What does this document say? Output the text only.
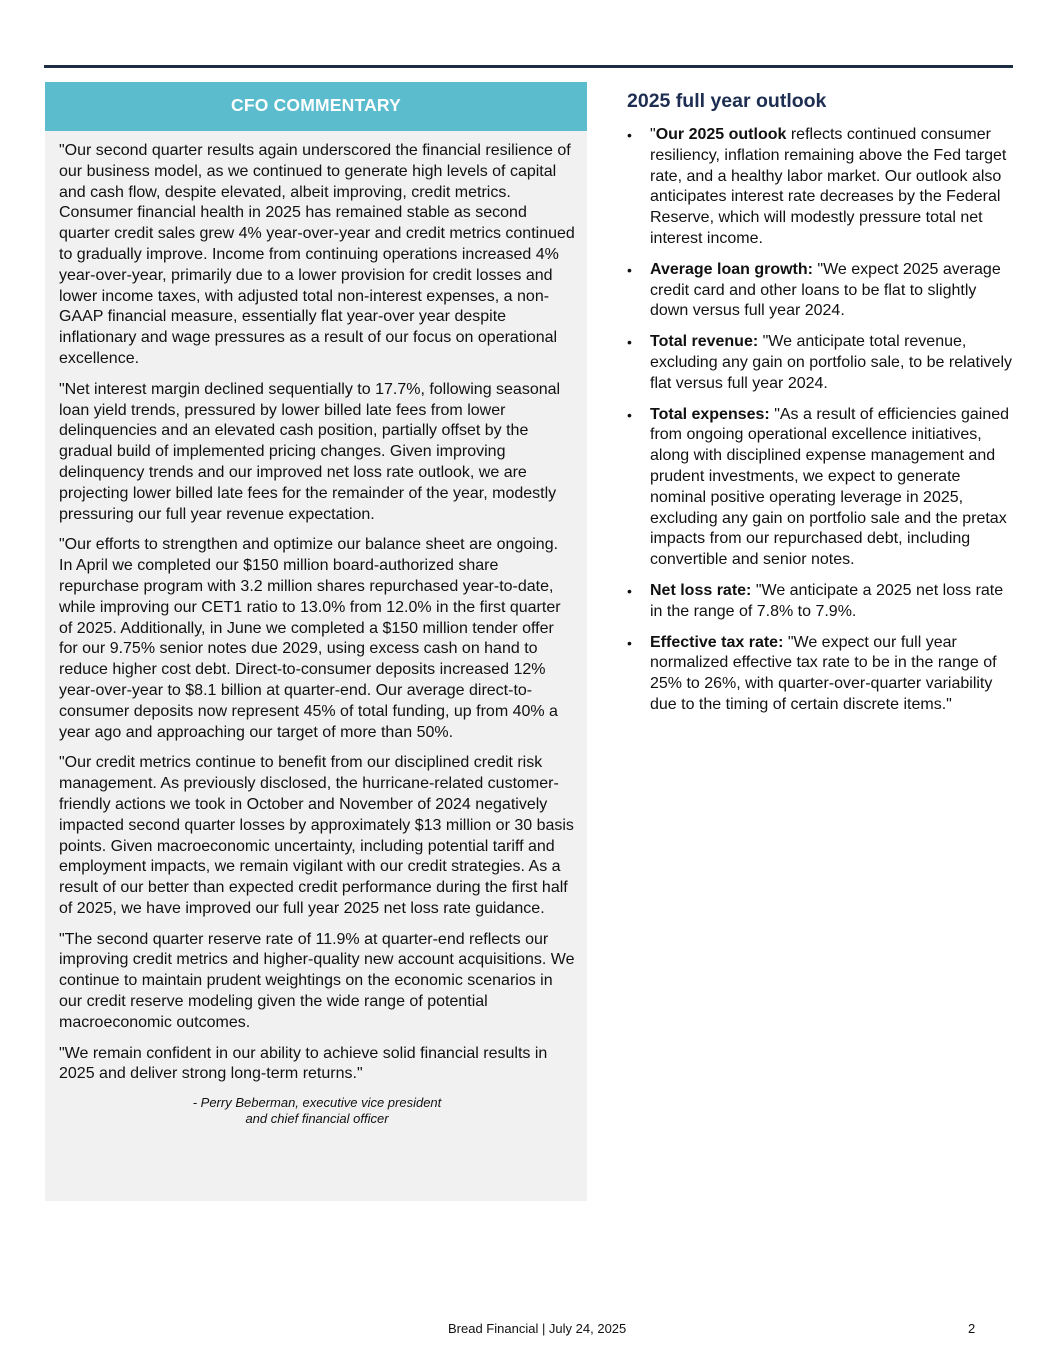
CFO COMMENTARY

"Our second quarter results again underscored the financial resilience of our business model, as we continued to generate high levels of capital and cash flow, despite elevated, albeit improving, credit metrics. Consumer financial health in 2025 has remained stable as second quarter credit sales grew 4% year-over-year and credit metrics continued to gradually improve. Income from continuing operations increased 4% year-over-year, primarily due to a lower provision for credit losses and lower income taxes, with adjusted total non-interest expenses, a non-GAAP financial measure, essentially flat year-over year despite inflationary and wage pressures as a result of our focus on operational excellence.

"Net interest margin declined sequentially to 17.7%, following seasonal loan yield trends, pressured by lower billed late fees from lower delinquencies and an elevated cash position, partially offset by the gradual build of implemented pricing changes. Given improving delinquency trends and our improved net loss rate outlook, we are projecting lower billed late fees for the remainder of the year, modestly pressuring our full year revenue expectation.

"Our efforts to strengthen and optimize our balance sheet are ongoing. In April we completed our $150 million board-authorized share repurchase program with 3.2 million shares repurchased year-to-date, while improving our CET1 ratio to 13.0% from 12.0% in the first quarter of 2025. Additionally, in June we completed a $150 million tender offer for our 9.75% senior notes due 2029, using excess cash on hand to reduce higher cost debt. Direct-to-consumer deposits increased 12% year-over-year to $8.1 billion at quarter-end. Our average direct-to-consumer deposits now represent 45% of total funding, up from 40% a year ago and approaching our target of more than 50%.

"Our credit metrics continue to benefit from our disciplined credit risk management. As previously disclosed, the hurricane-related customer-friendly actions we took in October and November of 2024 negatively impacted second quarter losses by approximately $13 million or 30 basis points. Given macroeconomic uncertainty, including potential tariff and employment impacts, we remain vigilant with our credit strategies. As a result of our better than expected credit performance during the first half of 2025, we have improved our full year 2025 net loss rate guidance.

"The second quarter reserve rate of 11.9% at quarter-end reflects our improving credit metrics and higher-quality new account acquisitions. We continue to maintain prudent weightings on the economic scenarios in our credit reserve modeling given the wide range of potential macroeconomic outcomes.

"We remain confident in our ability to achieve solid financial results in 2025 and deliver strong long-term returns."

- Perry Beberman, executive vice president
and chief financial officer
2025 full year outlook
• "Our 2025 outlook reflects continued consumer resiliency, inflation remaining above the Fed target rate, and a healthy labor market. Our outlook also anticipates interest rate decreases by the Federal Reserve, which will modestly pressure total net interest income.
• Average loan growth: "We expect 2025 average credit card and other loans to be flat to slightly down versus full year 2024.
• Total revenue: "We anticipate total revenue, excluding any gain on portfolio sale, to be relatively flat versus full year 2024.
• Total expenses: "As a result of efficiencies gained from ongoing operational excellence initiatives, along with disciplined expense management and prudent investments, we expect to generate nominal positive operating leverage in 2025, excluding any gain on portfolio sale and the pretax impacts from our repurchased debt, including convertible and senior notes.
• Net loss rate: "We anticipate a 2025 net loss rate in the range of 7.8% to 7.9%.
• Effective tax rate: "We expect our full year normalized effective tax rate to be in the range of 25% to 26%, with quarter-over-quarter variability due to the timing of certain discrete items."
Bread Financial | July 24, 2025	2
